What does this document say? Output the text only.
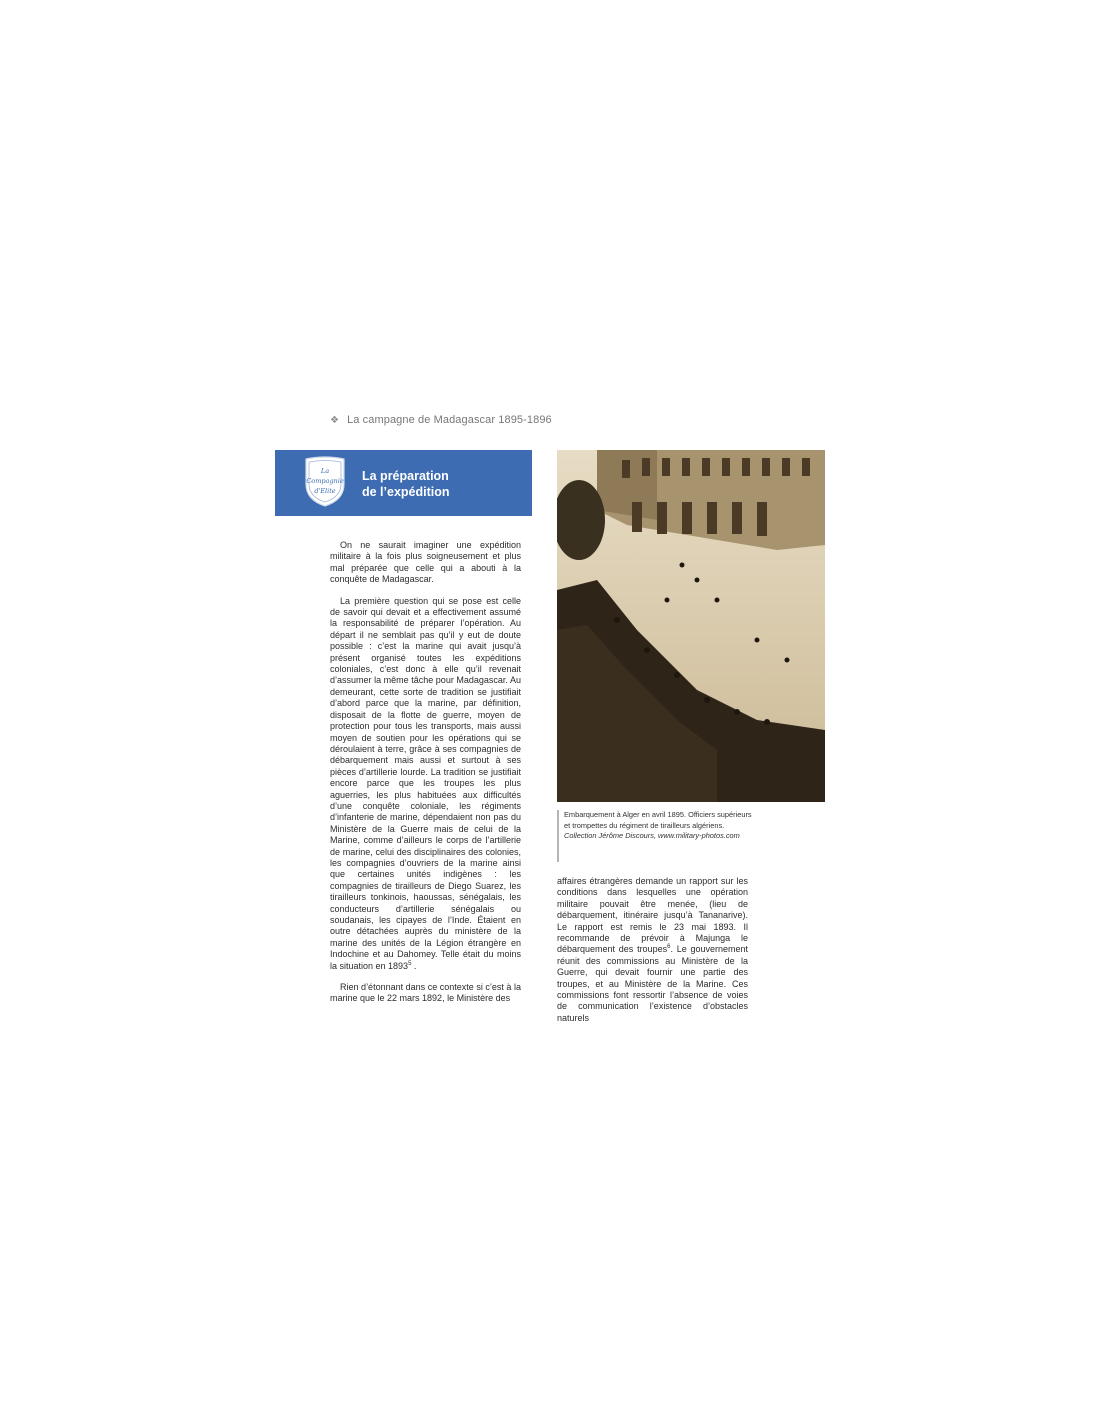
❖ La campagne de Madagascar 1895-1896
La
Compagnie
d'Elite
La préparation
de l’expédition

On ne saurait imaginer une expédition militaire à la fois plus soigneusement et plus mal préparée que celle qui a abouti à la conquête de Madagascar.

La première question qui se pose est celle de savoir qui devait et a effectivement assumé la responsabilité de préparer l’opération. Au départ il ne semblait pas qu’il y eut de doute possible : c’est la marine qui avait jusqu’à présent organisé toutes les expéditions coloniales, c’est donc à elle qu’il revenait d’assumer la même tâche pour Madagascar. Au demeurant, cette sorte de tradition se justifiait d’abord parce que la marine, par définition, disposait de la flotte de guerre, moyen de protection pour tous les transports, mais aussi moyen de soutien pour les opérations qui se déroulaient à terre, grâce à ses compagnies de débarquement mais aussi et surtout à ses pièces d’artillerie lourde. La tradition se justifiait encore parce que les troupes les plus aguerries, les plus habituées aux difficultés d’une conquête coloniale, les régiments d’infanterie de marine, dépendaient non pas du Ministère de la Guerre mais de celui de la Marine, comme d’ailleurs le corps de l’artillerie de marine, celui des disciplinaires des colonies, les compagnies d’ouvriers de la marine ainsi que certaines unités indigènes : les compagnies de tirailleurs de Diego Suarez, les tirailleurs tonkinois, haoussas, sénégalais, les conducteurs d’artillerie sénégalais ou soudanais, les cipayes de l’Inde. Étaient en outre détachées auprès du ministère de la marine des unités de la Légion étrangère en Indochine et au Dahomey. Telle était du moins la situation en 1893$^5$ .

Rien d’étonnant dans ce contexte si c’est à la marine que le 22 mars 1892, le Ministère des

Embarquement à Alger en avril 1895. Officiers supérieurs et trompettes du régiment de tirailleurs algériens.
Collection Jérôme Discours, www.military-photos.com

affaires étrangères demande un rapport sur les conditions dans lesquelles une opération militaire pouvait être menée, (lieu de débarquement, itinéraire jusqu’à Tananarive). Le rapport est remis le 23 mai 1893. Il recommande de prévoir à Majunga le débarquement des troupes$^6$. Le gouvernement réunit des commissions au Ministère de la Guerre, qui devait fournir une partie des troupes, et au Ministère de la Marine. Ces commissions font ressortir l’absence de voies de communication l’existence d’obstacles naturels
